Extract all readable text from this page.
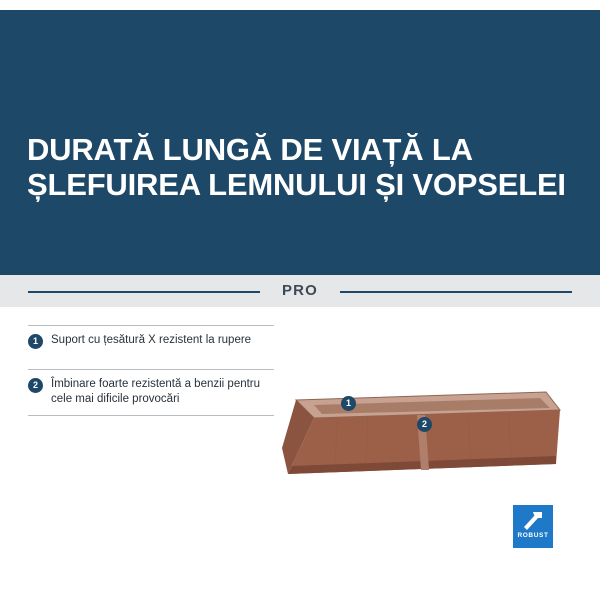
DURATĂ LUNGĂ DE VIAȚĂ LA ȘLEFUIREA LEMNULUI ȘI VOPSELEI
PRO
1	Suport cu țesătură X rezistent la rupere
2	Îmbinare foarte rezistentă a benzii pentru cele mai dificile provocări	1
2
ROBUST
